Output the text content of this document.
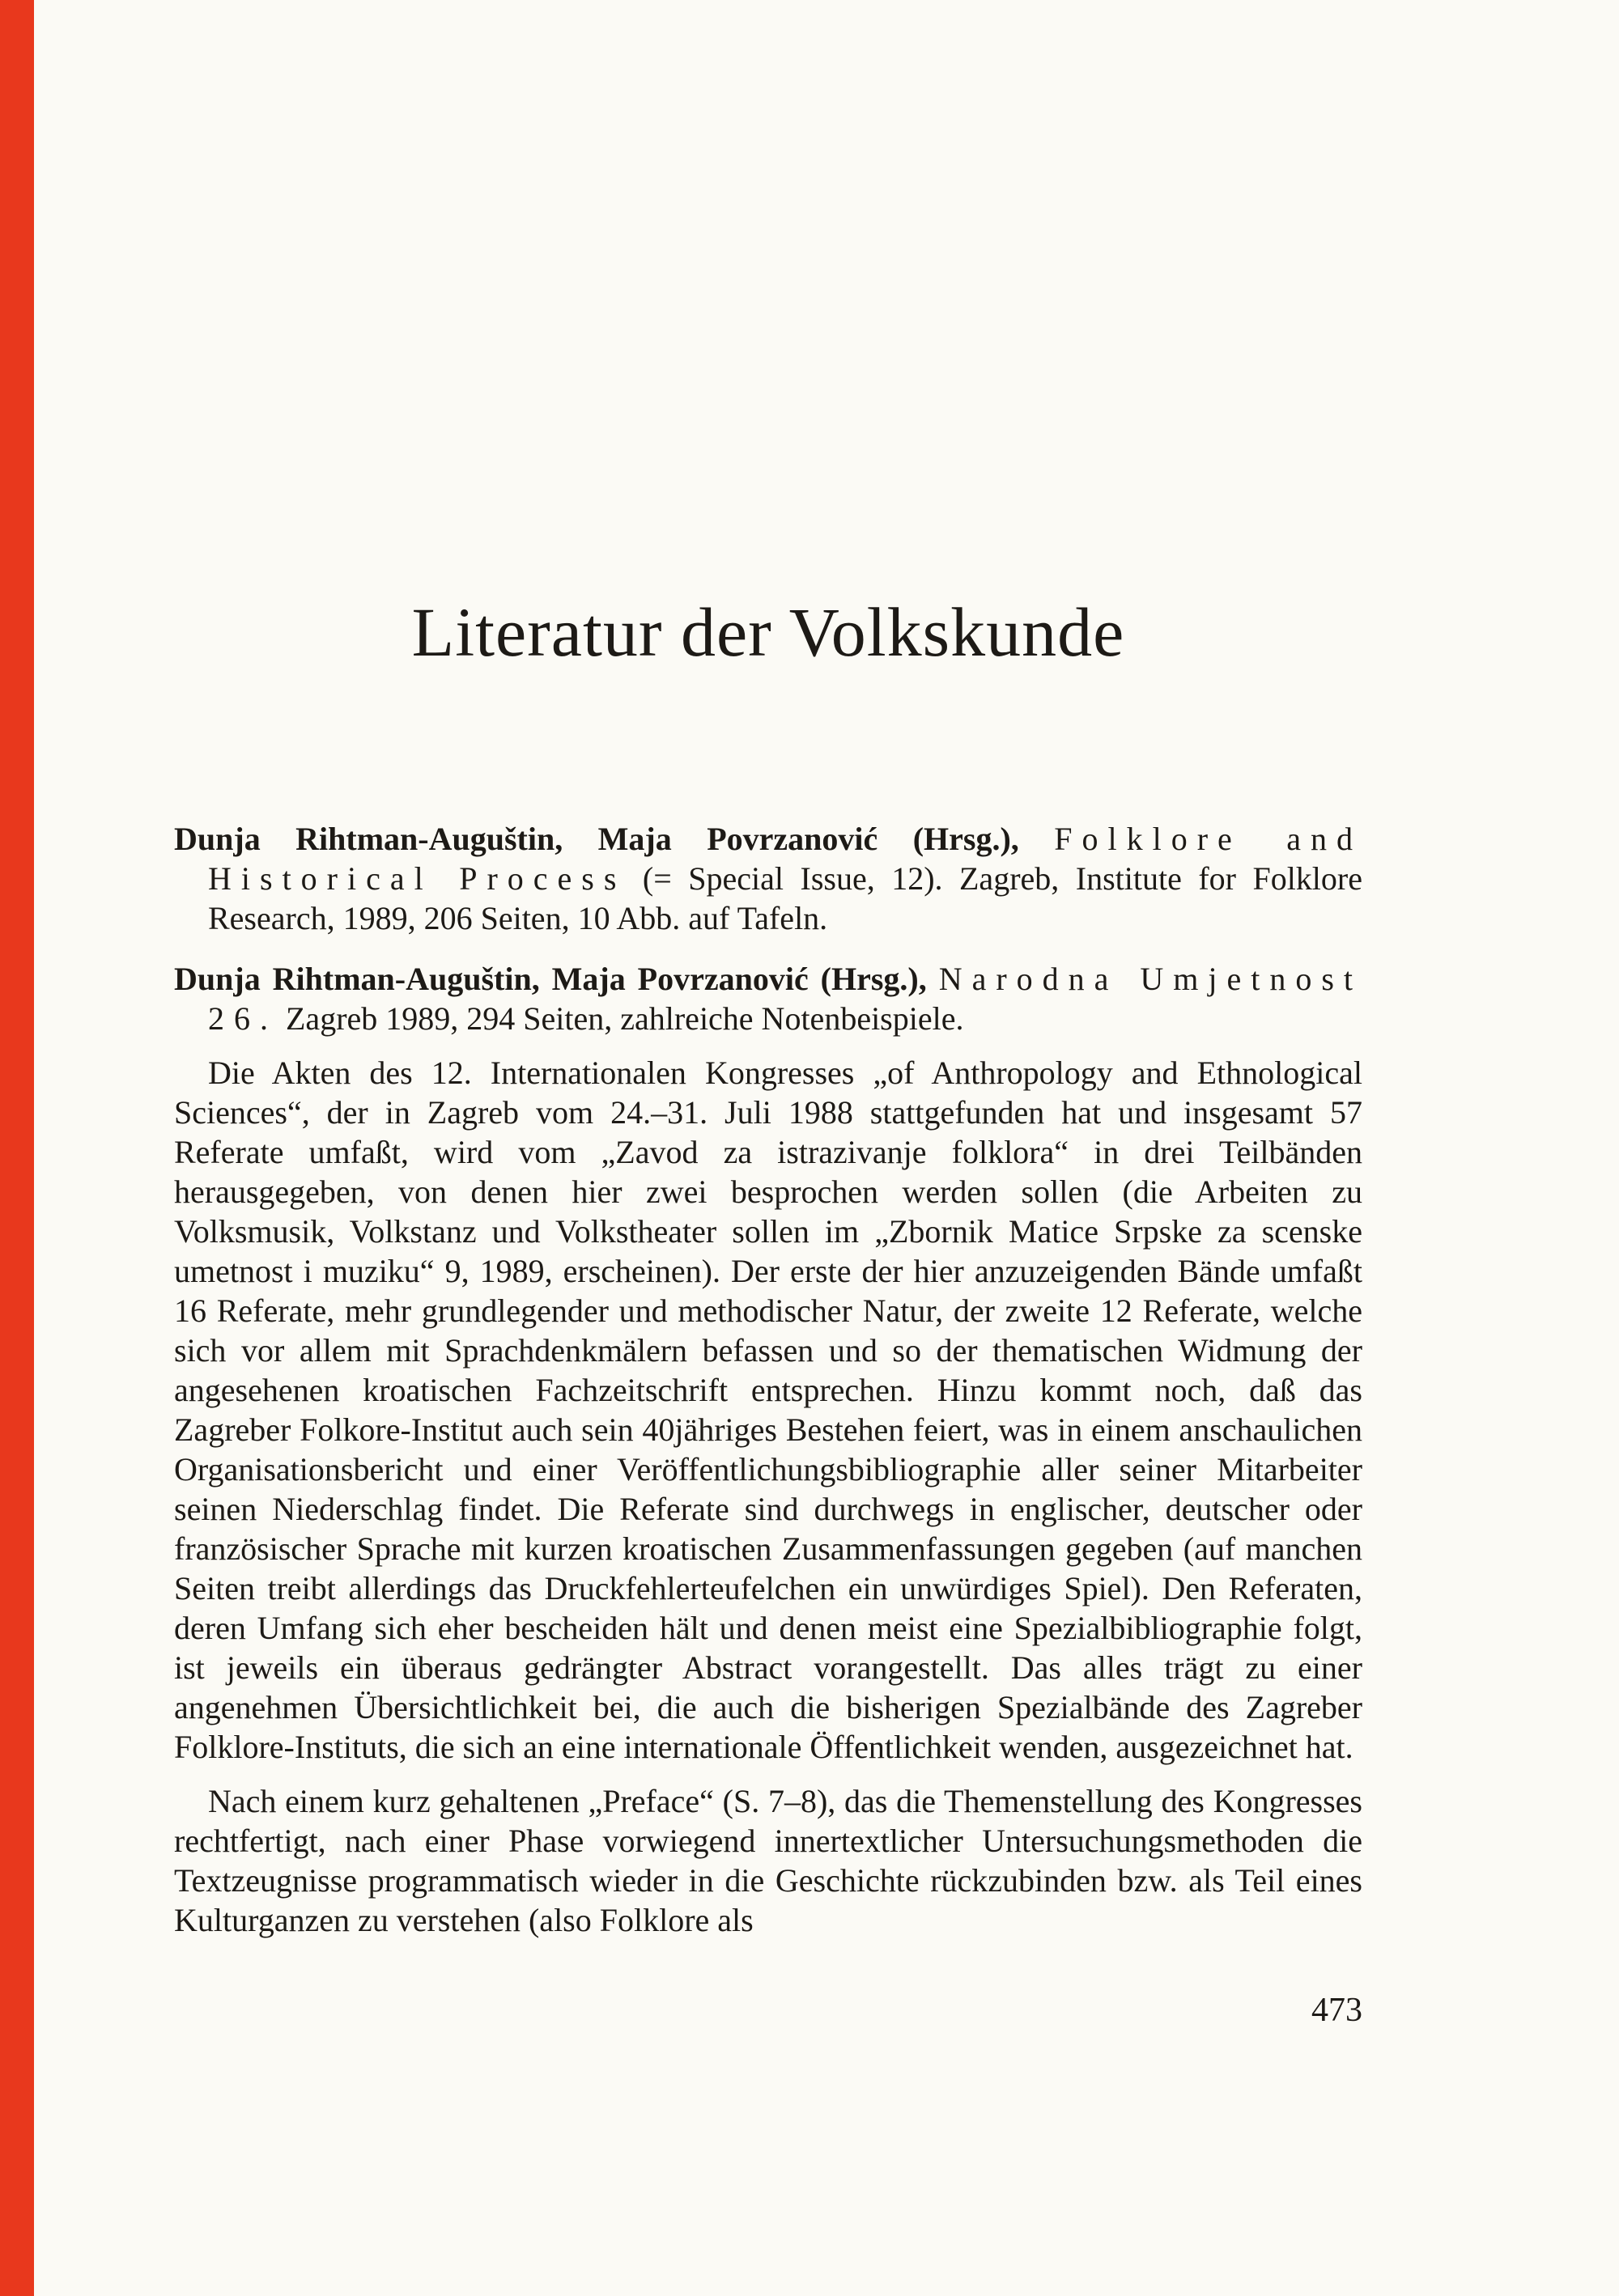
Literatur der Volkskunde

Dunja Rihtman-Auguštin, Maja Povrzanović (Hrsg.), Folklore and Historical Process (= Special Issue, 12). Zagreb, Institute for Folklore Research, 1989, 206 Seiten, 10 Abb. auf Tafeln.

Dunja Rihtman-Auguštin, Maja Povrzanović (Hrsg.), Narodna Umjetnost 26. Zagreb 1989, 294 Seiten, zahlreiche Notenbeispiele.

Die Akten des 12. Internationalen Kongresses „of Anthropology and Ethnological Sciences“, der in Zagreb vom 24.–31. Juli 1988 stattgefunden hat und insgesamt 57 Referate umfaßt, wird vom „Zavod za istrazivanje folklora“ in drei Teilbänden herausgegeben, von denen hier zwei besprochen werden sollen (die Arbeiten zu Volksmusik, Volkstanz und Volkstheater sollen im „Zbornik Matice Srpske za scenske umetnost i muziku“ 9, 1989, erscheinen). Der erste der hier anzuzeigenden Bände umfaßt 16 Referate, mehr grundlegender und methodischer Natur, der zweite 12 Referate, welche sich vor allem mit Sprachdenkmälern befassen und so der thematischen Widmung der angesehenen kroatischen Fachzeitschrift entsprechen. Hinzu kommt noch, daß das Zagreber Folkore-Institut auch sein 40jähriges Bestehen feiert, was in einem anschaulichen Organisationsbericht und einer Veröffentlichungsbibliographie aller seiner Mitarbeiter seinen Niederschlag findet. Die Referate sind durchwegs in englischer, deutscher oder französischer Sprache mit kurzen kroatischen Zusammenfassungen gegeben (auf manchen Seiten treibt allerdings das Druckfehlerteufelchen ein unwürdiges Spiel). Den Referaten, deren Umfang sich eher bescheiden hält und denen meist eine Spezialbibliographie folgt, ist jeweils ein überaus gedrängter Abstract vorangestellt. Das alles trägt zu einer angenehmen Übersichtlichkeit bei, die auch die bisherigen Spezialbände des Zagreber Folklore-Instituts, die sich an eine internationale Öffentlichkeit wenden, ausgezeichnet hat.

Nach einem kurz gehaltenen „Preface“ (S. 7–8), das die Themenstellung des Kongresses rechtfertigt, nach einer Phase vorwiegend innertextlicher Untersuchungsmethoden die Textzeugnisse programmatisch wieder in die Geschichte rückzubinden bzw. als Teil eines Kulturganzen zu verstehen (also Folklore als

473
